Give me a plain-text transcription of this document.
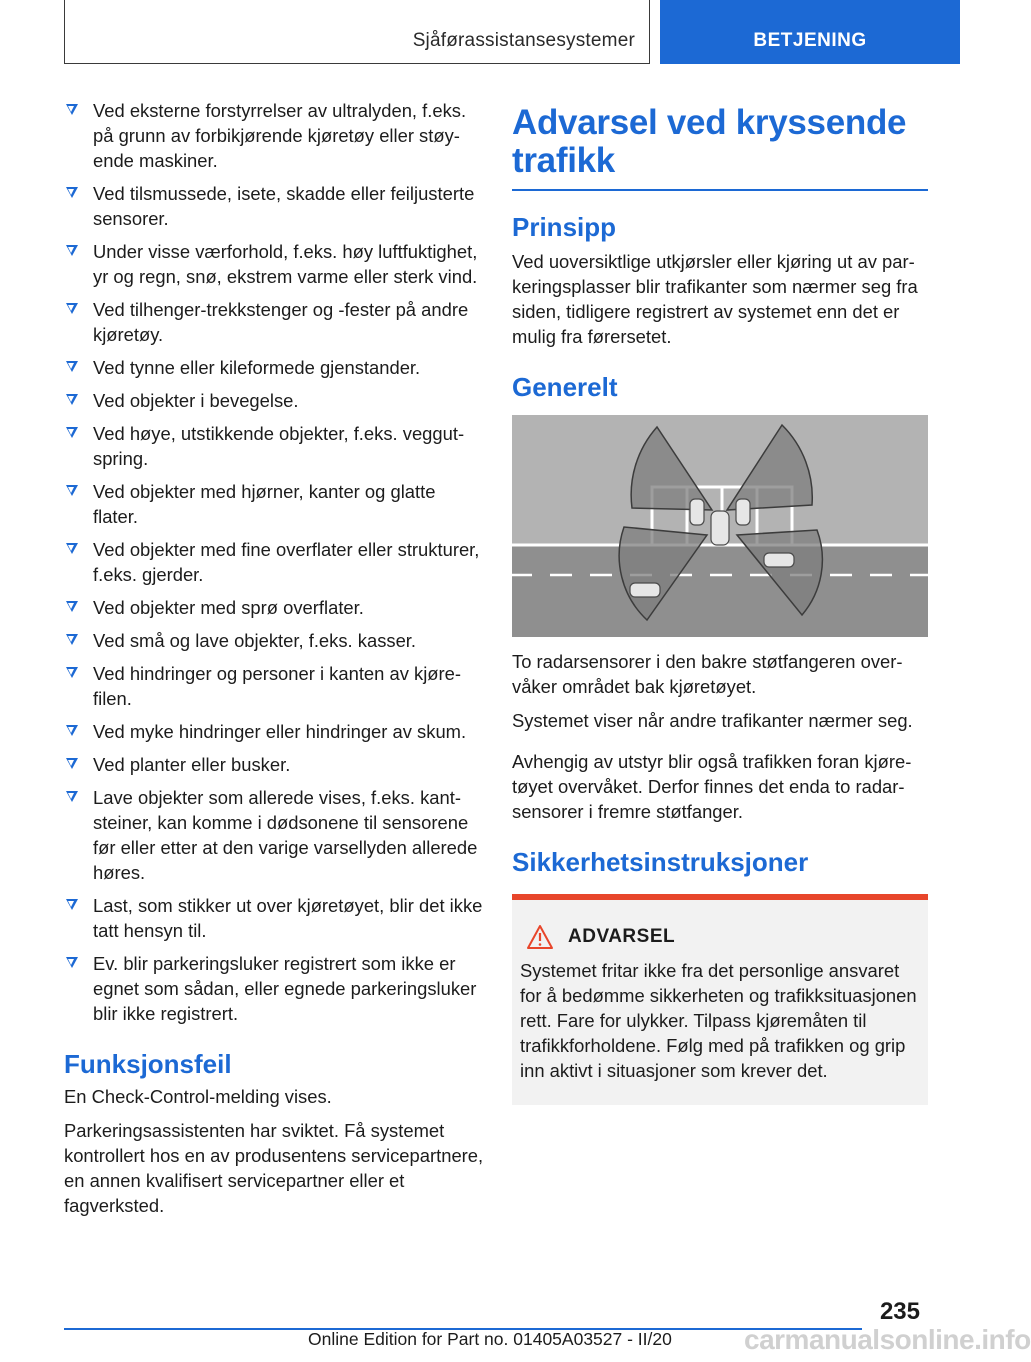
Sjåførassistansesystemer	BETJENING
Ved eksterne forstyrrelser av ultralyden, f.eks. på grunn av forbikjørende kjøretøy eller støyende maskiner.
Ved tilsmussede, isete, skadde eller feiljusterte sensorer.
Under visse værforhold, f.eks. høy luftfuktighet, yr og regn, snø, ekstrem varme eller sterk vind.
Ved tilhenger-trekkstenger og -fester på andre kjøretøy.
Ved tynne eller kileformede gjenstander.
Ved objekter i bevegelse.
Ved høye, utstikkende objekter, f.eks. veggutspring.
Ved objekter med hjørner, kanter og glatte flater.
Ved objekter med fine overflater eller strukturer, f.eks. gjerder.
Ved objekter med sprø overflater.
Ved små og lave objekter, f.eks. kasser.
Ved hindringer og personer i kanten av kjørefilen.
Ved myke hindringer eller hindringer av skum.
Ved planter eller busker.
Lave objekter som allerede vises, f.eks. kantsteiner, kan komme i dødsonene til sensorene før eller etter at den varige varsellyden allerede høres.
Last, som stikker ut over kjøretøyet, blir det ikke tatt hensyn til.
Ev. blir parkeringsluker registrert som ikke er egnet som sådan, eller egnede parkeringsluker blir ikke registrert.
Funksjonsfeil

En Check-Control-melding vises.

Parkeringsassistenten har sviktet. Få systemet kontrollert hos en av produsentens servicepartnere, en annen kvalifisert servicepartner eller et fagverksted.

Advarsel ved kryssende trafikk
Prinsipp

Ved uoversiktlige utkjørsler eller kjøring ut av parkeringsplasser blir trafikanter som nærmer seg fra siden, tidligere registrert av systemet enn det er mulig fra førersetet.

Generelt

To radarsensorer i den bakre støtfangeren overvåker området bak kjøretøyet.

Systemet viser når andre trafikanter nærmer seg.

Avhengig av utstyr blir også trafikken foran kjøretøyet overvåket. Derfor finnes det enda to radarsensorer i fremre støtfanger.

Sikkerhetsinstruksjoner
ADVARSEL

Systemet fritar ikke fra det personlige ansvaret for å bedømme sikkerheten og trafikksituasjonen rett. Fare for ulykker. Tilpass kjøremåten til trafikkforholdene. Følg med på trafikken og grip inn aktivt i situasjoner som krever det.

235
carmanualsonline.info
Online Edition for Part no. 01405A03527 - II/20
